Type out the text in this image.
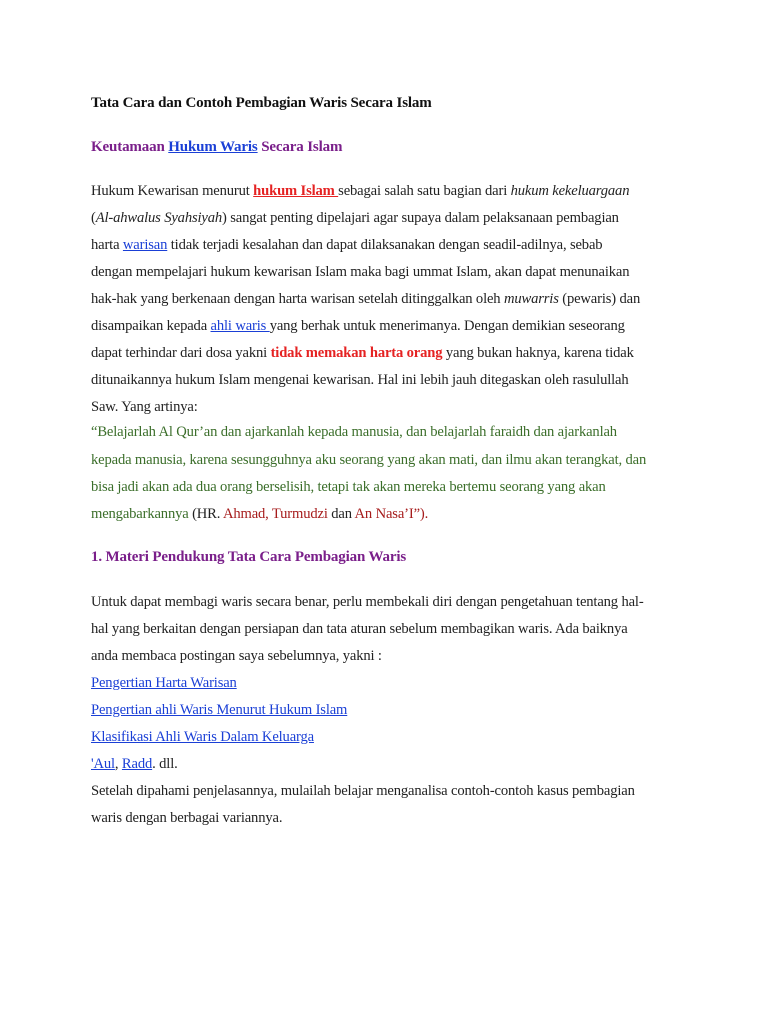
Tata Cara dan Contoh Pembagian Waris Secara Islam
Keutamaan Hukum Waris Secara Islam
Hukum Kewarisan menurut hukum Islam sebagai salah satu bagian dari hukum kekeluargaan
(Al-ahwalus Syahsiyah) sangat penting dipelajari agar supaya dalam pelaksanaan pembagian
harta warisan tidak terjadi kesalahan dan dapat dilaksanakan dengan seadil-adilnya, sebab
dengan mempelajari hukum kewarisan Islam maka bagi ummat Islam, akan dapat menunaikan
hak-hak yang berkenaan dengan harta warisan setelah ditinggalkan oleh muwarris (pewaris) dan
disampaikan kepada ahli waris yang berhak untuk menerimanya. Dengan demikian seseorang
dapat terhindar dari dosa yakni tidak memakan harta orang yang bukan haknya, karena tidak
ditunaikannya hukum Islam mengenai kewarisan. Hal ini lebih jauh ditegaskan oleh rasulullah
Saw. Yang artinya:
“Belajarlah Al Qur’an dan ajarkanlah kepada manusia, dan belajarlah faraidh dan ajarkanlah
kepada manusia, karena sesungguhnya aku seorang yang akan mati, dan ilmu akan terangkat, dan
bisa jadi akan ada dua orang berselisih, tetapi tak akan mereka bertemu seorang yang akan
mengabarkannya (HR. Ahmad, Turmudzi dan An Nasa’I”).
1. Materi Pendukung Tata Cara Pembagian Waris
Untuk dapat membagi waris secara benar, perlu membekali diri dengan pengetahuan tentang hal-
hal yang berkaitan dengan persiapan dan tata aturan sebelum membagikan waris. Ada baiknya
anda membaca postingan saya sebelumnya, yakni :
Pengertian Harta Warisan
Pengertian ahli Waris Menurut Hukum Islam
Klasifikasi Ahli Waris Dalam Keluarga
'Aul, Radd. dll.
Setelah dipahami penjelasannya, mulailah belajar menganalisa contoh-contoh kasus pembagian
waris dengan berbagai variannya.
